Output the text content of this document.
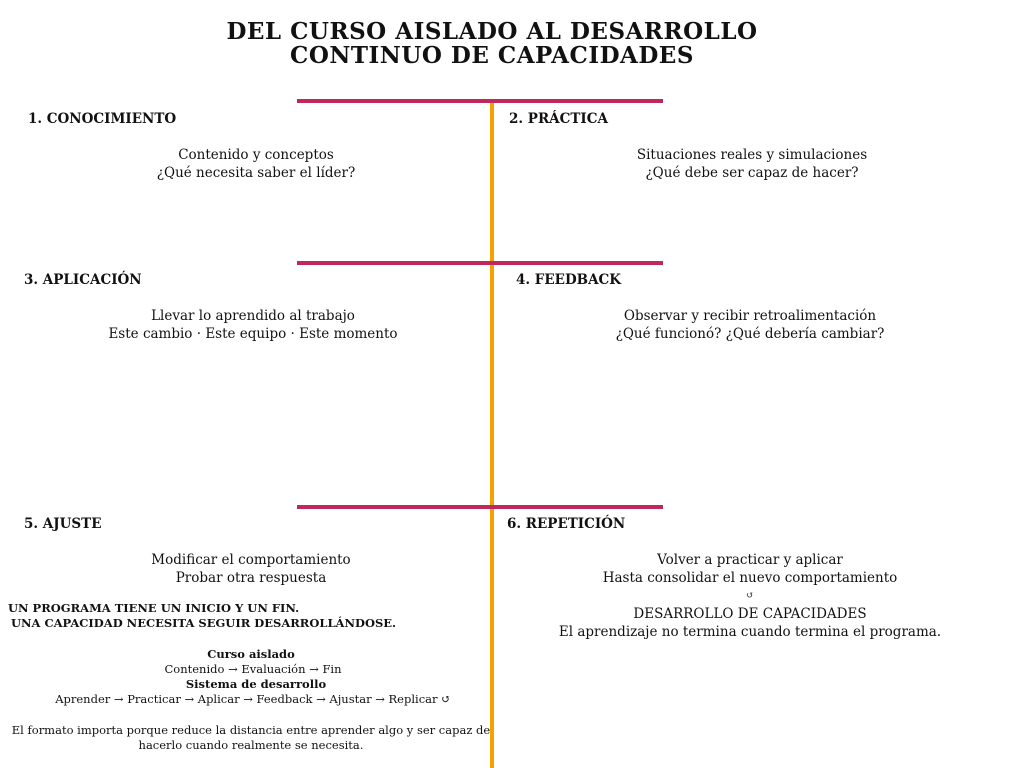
DEL CURSO AISLADO AL DESARROLLO
CONTINUO DE CAPACIDADES
1. CONOCIMIENTO
Contenido y conceptos
¿Qué necesita saber el líder?
2. PRÁCTICA
Situaciones reales y simulaciones
¿Qué debe ser capaz de hacer?
3. APLICACIÓN
Llevar lo aprendido al trabajo
Este cambio · Este equipo · Este momento
4. FEEDBACK
Observar y recibir retroalimentación
¿Qué funcionó? ¿Qué debería cambiar?
5. AJUSTE
Modificar el comportamiento
Probar otra respuesta
6. REPETICIÓN
Volver a practicar y aplicar
Hasta consolidar el nuevo comportamiento
↺
DESARROLLO DE CAPACIDADES
El aprendizaje no termina cuando termina el programa.
UN PROGRAMA TIENE UN INICIO Y UN FIN.
UNA CAPACIDAD NECESITA SEGUIR DESARROLLÁNDOSE.
Curso aislado
Contenido → Evaluación → Fin
Sistema de desarrollo
Aprender → Practicar → Aplicar → Feedback → Ajustar → Replicar ↺
El formato importa porque reduce la distancia entre aprender algo y ser capaz de
hacerlo cuando realmente se necesita.
